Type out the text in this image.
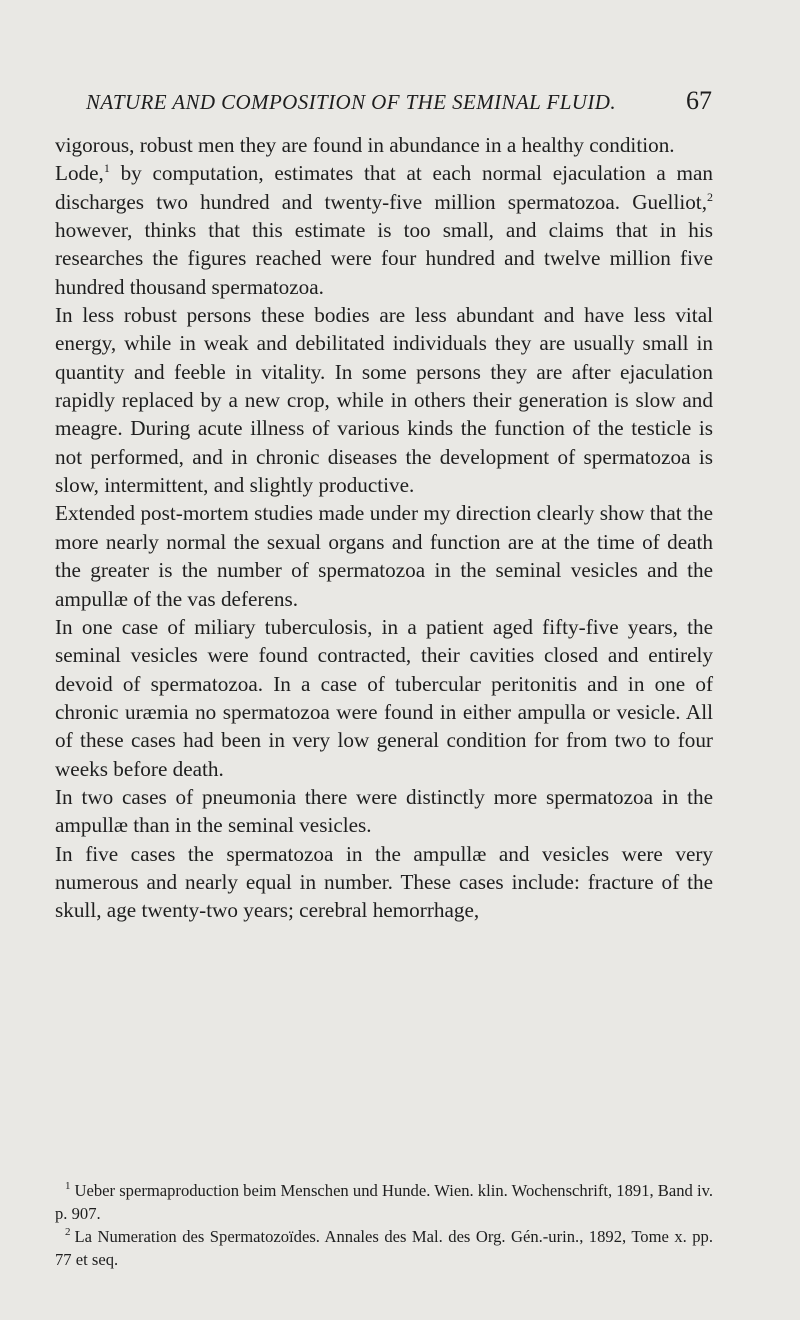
NATURE AND COMPOSITION OF THE SEMINAL FLUID.	67

vigorous, robust men they are found in abundance in a healthy condition.

Lode,$^1$ by computation, estimates that at each normal ejaculation a man discharges two hundred and twenty-five million spermatozoa. Guelliot,$^2$ however, thinks that this estimate is too small, and claims that in his researches the figures reached were four hundred and twelve million five hundred thousand spermatozoa.

In less robust persons these bodies are less abundant and have less vital energy, while in weak and debilitated individuals they are usually small in quantity and feeble in vitality. In some persons they are after ejaculation rapidly replaced by a new crop, while in others their generation is slow and meagre. During acute illness of various kinds the function of the testicle is not performed, and in chronic diseases the development of spermatozoa is slow, intermittent, and slightly productive.

Extended post-mortem studies made under my direction clearly show that the more nearly normal the sexual organs and function are at the time of death the greater is the number of spermatozoa in the seminal vesicles and the ampullæ of the vas deferens.

In one case of miliary tuberculosis, in a patient aged fifty-five years, the seminal vesicles were found contracted, their cavities closed and entirely devoid of spermatozoa. In a case of tubercular peritonitis and in one of chronic uræmia no spermatozoa were found in either ampulla or vesicle. All of these cases had been in very low general condition for from two to four weeks before death.

In two cases of pneumonia there were distinctly more spermatozoa in the ampullæ than in the seminal vesicles.

In five cases the spermatozoa in the ampullæ and vesicles were very numerous and nearly equal in number. These cases include: fracture of the skull, age twenty-two years; cerebral hemorrhage,

$^1$ Ueber spermaproduction beim Menschen und Hunde. Wien. klin. Wochenschrift, 1891, Band iv. p. 907.

$^2$ La Numeration des Spermatozoïdes. Annales des Mal. des Org. Gén.-urin., 1892, Tome x. pp. 77 et seq.
